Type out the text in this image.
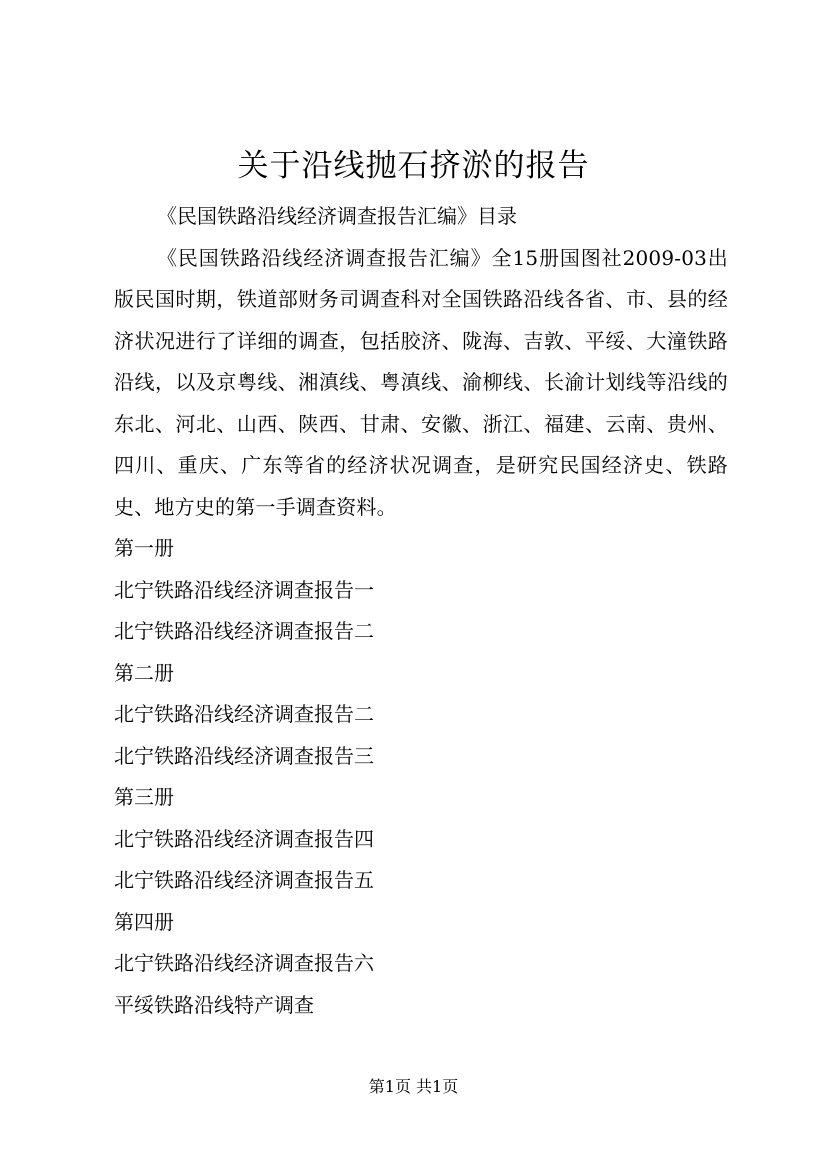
关于沿线抛石挤淤的报告

《民国铁路沿线经济调查报告汇编》目录

《民国铁路沿线经济调查报告汇编》全15册国图社2009-03出版民国时期，铁道部财务司调查科对全国铁路沿线各省、市、县的经济状况进行了详细的调查，包括胶济、陇海、吉敦、平绥、大潼铁路沿线，以及京粤线、湘滇线、粤滇线、渝柳线、长渝计划线等沿线的东北、河北、山西、陕西、甘肃、安徽、浙江、福建、云南、贵州、四川、重庆、广东等省的经济状况调查，是研究民国经济史、铁路史、地方史的第一手调查资料。

第一册

北宁铁路沿线经济调查报告一

北宁铁路沿线经济调查报告二

第二册

北宁铁路沿线经济调查报告二

北宁铁路沿线经济调查报告三

第三册

北宁铁路沿线经济调查报告四

北宁铁路沿线经济调查报告五

第四册

北宁铁路沿线经济调查报告六

平绥铁路沿线特产调查

第1页 共1页
